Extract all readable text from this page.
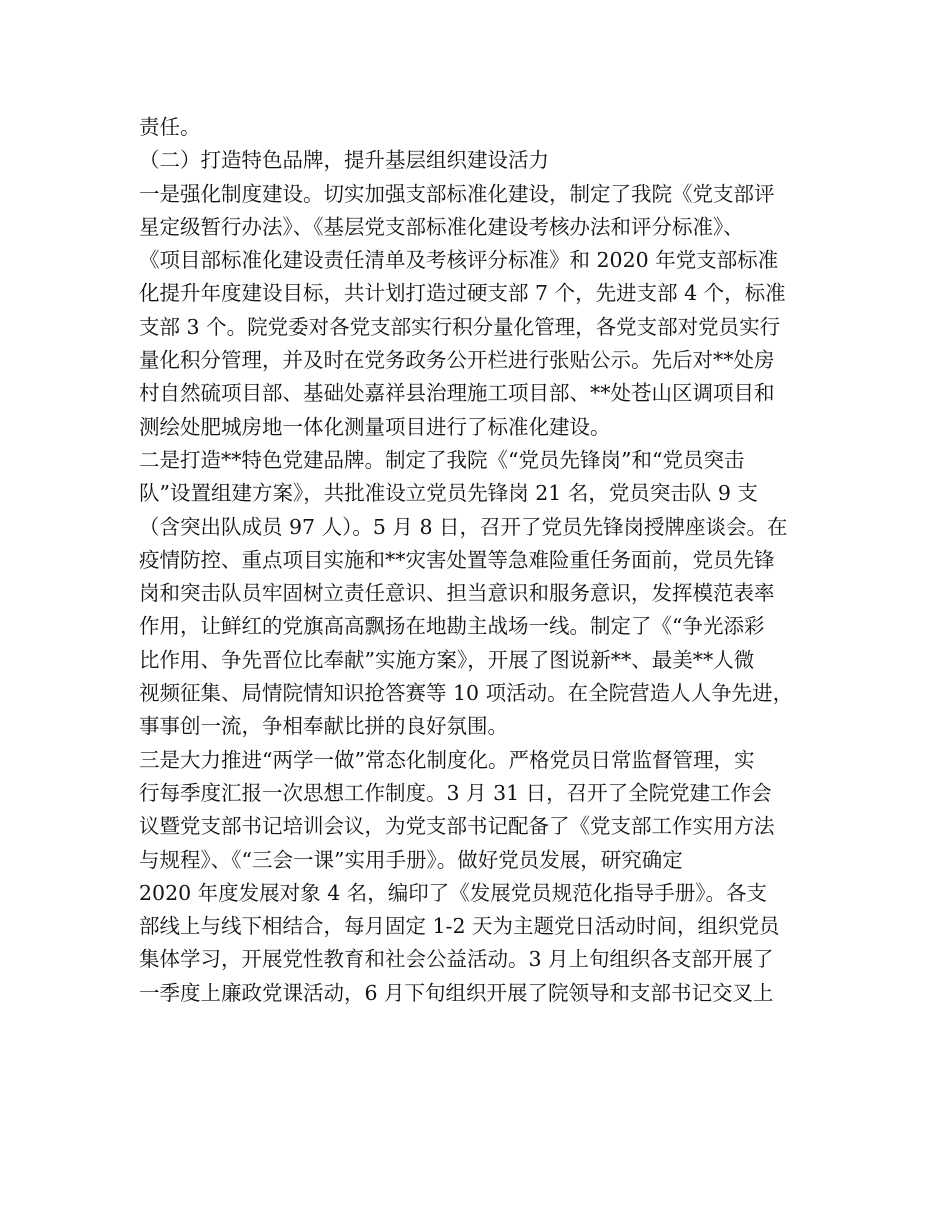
责任。
（二）打造特色品牌，提升基层组织建设活力
一是强化制度建设。切实加强支部标准化建设，制定了我院《党支部评
星定级暂行办法》、《基层党支部标准化建设考核办法和评分标准》、
《项目部标准化建设责任清单及考核评分标准》和 2020 年党支部标准
化提升年度建设目标，共计划打造过硬支部 7 个，先进支部 4 个，标准
支部 3 个。院党委对各党支部实行积分量化管理，各党支部对党员实行
量化积分管理，并及时在党务政务公开栏进行张贴公示。先后对**处房
村自然硫项目部、基础处嘉祥县治理施工项目部、**处苍山区调项目和
测绘处肥城房地一体化测量项目进行了标准化建设。
二是打造**特色党建品牌。制定了我院《“党员先锋岗”和“党员突击
队”设置组建方案》，共批准设立党员先锋岗 21 名，党员突击队 9 支
（含突出队成员 97 人）。5 月 8 日，召开了党员先锋岗授牌座谈会。在
疫情防控、重点项目实施和**灾害处置等急难险重任务面前，党员先锋
岗和突击队员牢固树立责任意识、担当意识和服务意识，发挥模范表率
作用，让鲜红的党旗高高飘扬在地勘主战场一线。制定了《“争光添彩
比作用、争先晋位比奉献”实施方案》，开展了图说新**、最美**人微
视频征集、局情院情知识抢答赛等 10 项活动。在全院营造人人争先进，
事事创一流，争相奉献比拼的良好氛围。
三是大力推进“两学一做”常态化制度化。严格党员日常监督管理，实
行每季度汇报一次思想工作制度。3 月 31 日，召开了全院党建工作会
议暨党支部书记培训会议，为党支部书记配备了《党支部工作实用方法
与规程》、《“三会一课”实用手册》。做好党员发展，研究确定
2020 年度发展对象 4 名，编印了《发展党员规范化指导手册》。各支
部线上与线下相结合，每月固定 1-2 天为主题党日活动时间，组织党员
集体学习，开展党性教育和社会公益活动。3 月上旬组织各支部开展了
一季度上廉政党课活动，6 月下旬组织开展了院领导和支部书记交叉上
